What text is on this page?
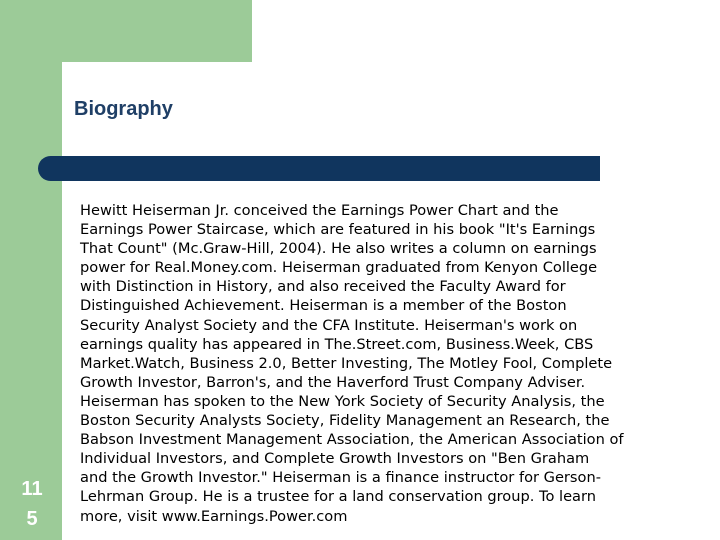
Biography
Hewitt Heiserman Jr. conceived the Earnings Power Chart and the
Earnings Power Staircase, which are featured in his book "It's Earnings
That Count" (Mc.Graw-Hill, 2004). He also writes a column on earnings
power for Real.Money.com. Heiserman graduated from Kenyon College
with Distinction in History, and also received the Faculty Award for
Distinguished Achievement. Heiserman is a member of the Boston
Security Analyst Society and the CFA Institute. Heiserman's work on
earnings quality has appeared in The.Street.com, Business.Week, CBS
Market.Watch, Business 2.0, Better Investing, The Motley Fool, Complete
Growth Investor, Barron's, and the Haverford Trust Company Adviser.
Heiserman has spoken to the New York Society of Security Analysis, the
Boston Security Analysts Society, Fidelity Management an Research, the
Babson Investment Management Association, the American Association of
Individual Investors, and Complete Growth Investors on "Ben Graham
and the Growth Investor." Heiserman is a finance instructor for Gerson-
Lehrman Group. He is a trustee for a land conservation group. To learn
more, visit www.Earnings.Power.com
11
5
